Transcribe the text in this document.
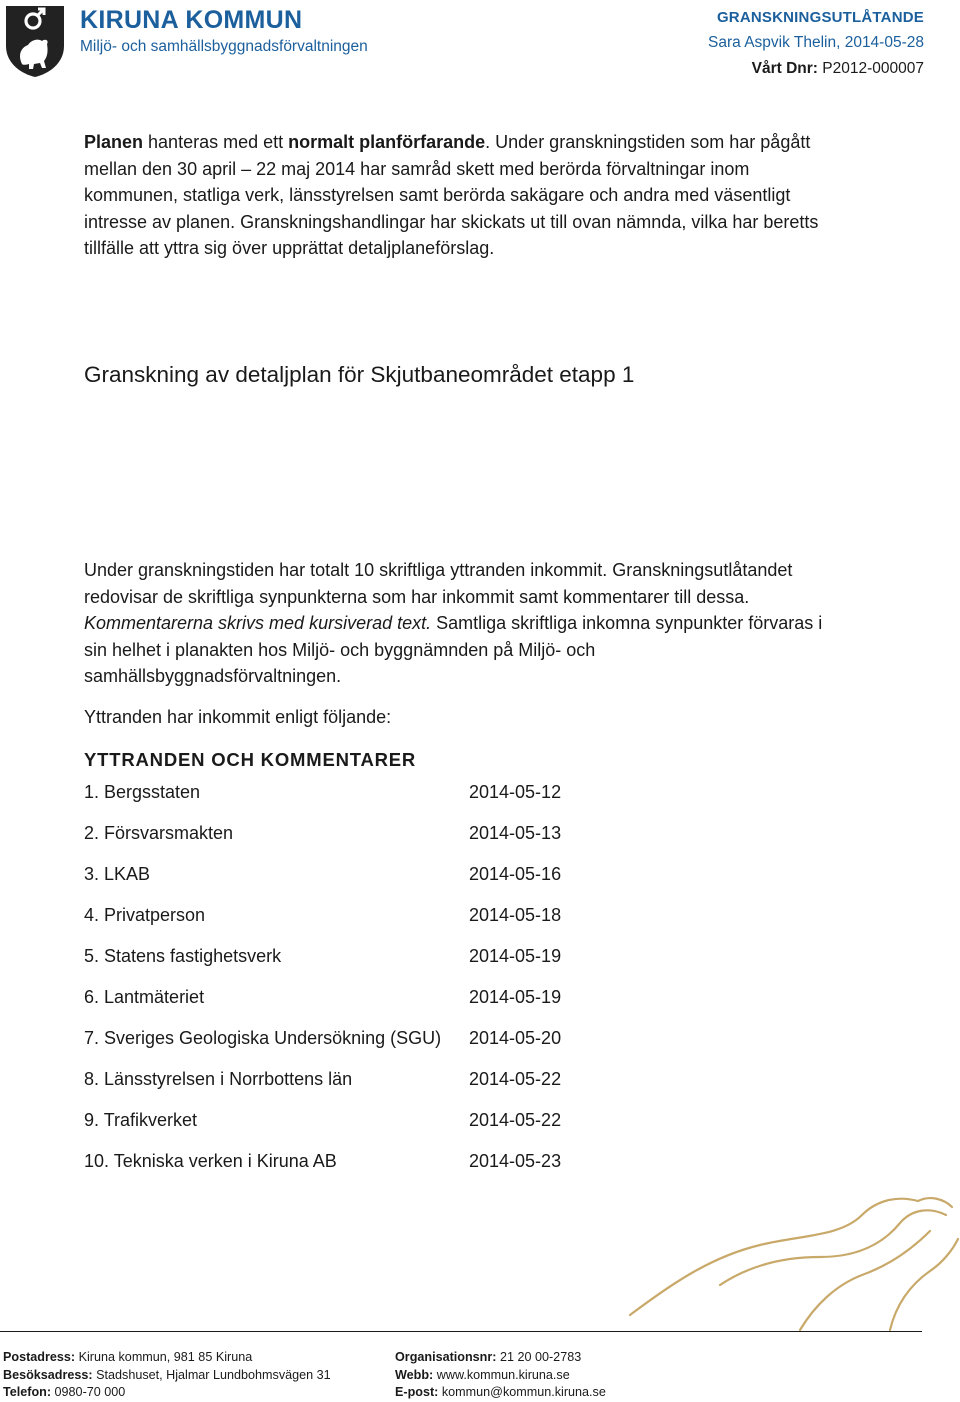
KIRUNA KOMMUN
Miljö- och samhällsbyggnadsförvaltningen
GRANSKNINGSUTLÅTANDE
Sara Aspvik Thelin, 2014-05-28
Vårt Dnr: P2012-000007
Granskning av detaljplan för Skjutbaneområdet etapp 1
Planen hanteras med ett normalt planförfarande. Under granskningstiden som har pågått mellan den 30 april – 22 maj 2014 har samråd skett med berörda förvaltningar inom kommunen, statliga verk, länsstyrelsen samt berörda sakägare och andra med väsentligt intresse av planen. Granskningshandlingar har skickats ut till ovan nämnda, vilka har beretts tillfälle att yttra sig över upprättat detaljplaneförslag.
Under granskningstiden har totalt 10 skriftliga yttranden inkommit. Granskningsutlåtandet redovisar de skriftliga synpunkterna som har inkommit samt kommentarer till dessa. Kommentarerna skrivs med kursiverad text. Samtliga skriftliga inkomna synpunkter förvaras i sin helhet i planakten hos Miljö- och byggnämnden på Miljö- och samhällsbyggnadsförvaltningen.
Yttranden har inkommit enligt följande:
YTTRANDEN OCH KOMMENTARER
1. Bergsstaten	2014-05-12
2. Försvarsmakten	2014-05-13
3. LKAB	2014-05-16
4. Privatperson	2014-05-18
5. Statens fastighetsverk	2014-05-19
6. Lantmäteriet	2014-05-19
7. Sveriges Geologiska Undersökning (SGU)	2014-05-20
8. Länsstyrelsen i Norrbottens län	2014-05-22
9. Trafikverket	2014-05-22
10. Tekniska verken i Kiruna AB	2014-05-23
Postadress: Kiruna kommun, 981 85 Kiruna
Besöksadress: Stadshuset, Hjalmar Lundbohmsvägen 31
Telefon: 0980-70 000
Organisationsnr: 21 20 00-2783
Webb: www.kommun.kiruna.se
E-post: kommun@kommun.kiruna.se
